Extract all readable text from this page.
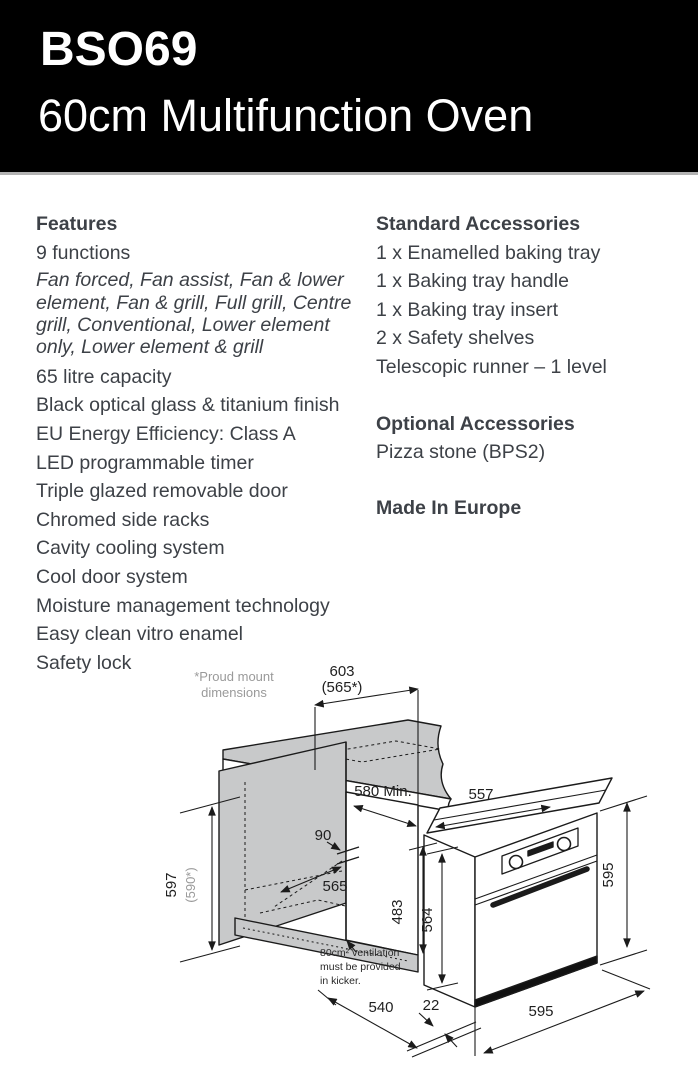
BSO69
60cm Multifunction Oven
Features
9 functions
Fan forced, Fan assist, Fan & lower element, Fan & grill, Full grill, Centre grill, Conventional, Lower element only, Lower element & grill
65 litre capacity
Black optical glass & titanium finish
EU Energy Efficiency: Class A
LED programmable timer
Triple glazed removable door
Chromed side racks
Cavity cooling system
Cool door system
Moisture management technology
Easy clean vitro enamel
Safety lock
Standard Accessories
1 x Enamelled baking tray
1 x Baking tray handle
1 x Baking tray insert
2 x Safety shelves
Telescopic runner – 1 level
Optional Accessories
Pizza stone (BPS2)
Made In Europe
*Proud mount
dimensions
603
(565*)
580 Min.
90
565
597 (590*)
557
595
483 564
80cm² ventilation
must be provided
in kicker.
540 22	595
